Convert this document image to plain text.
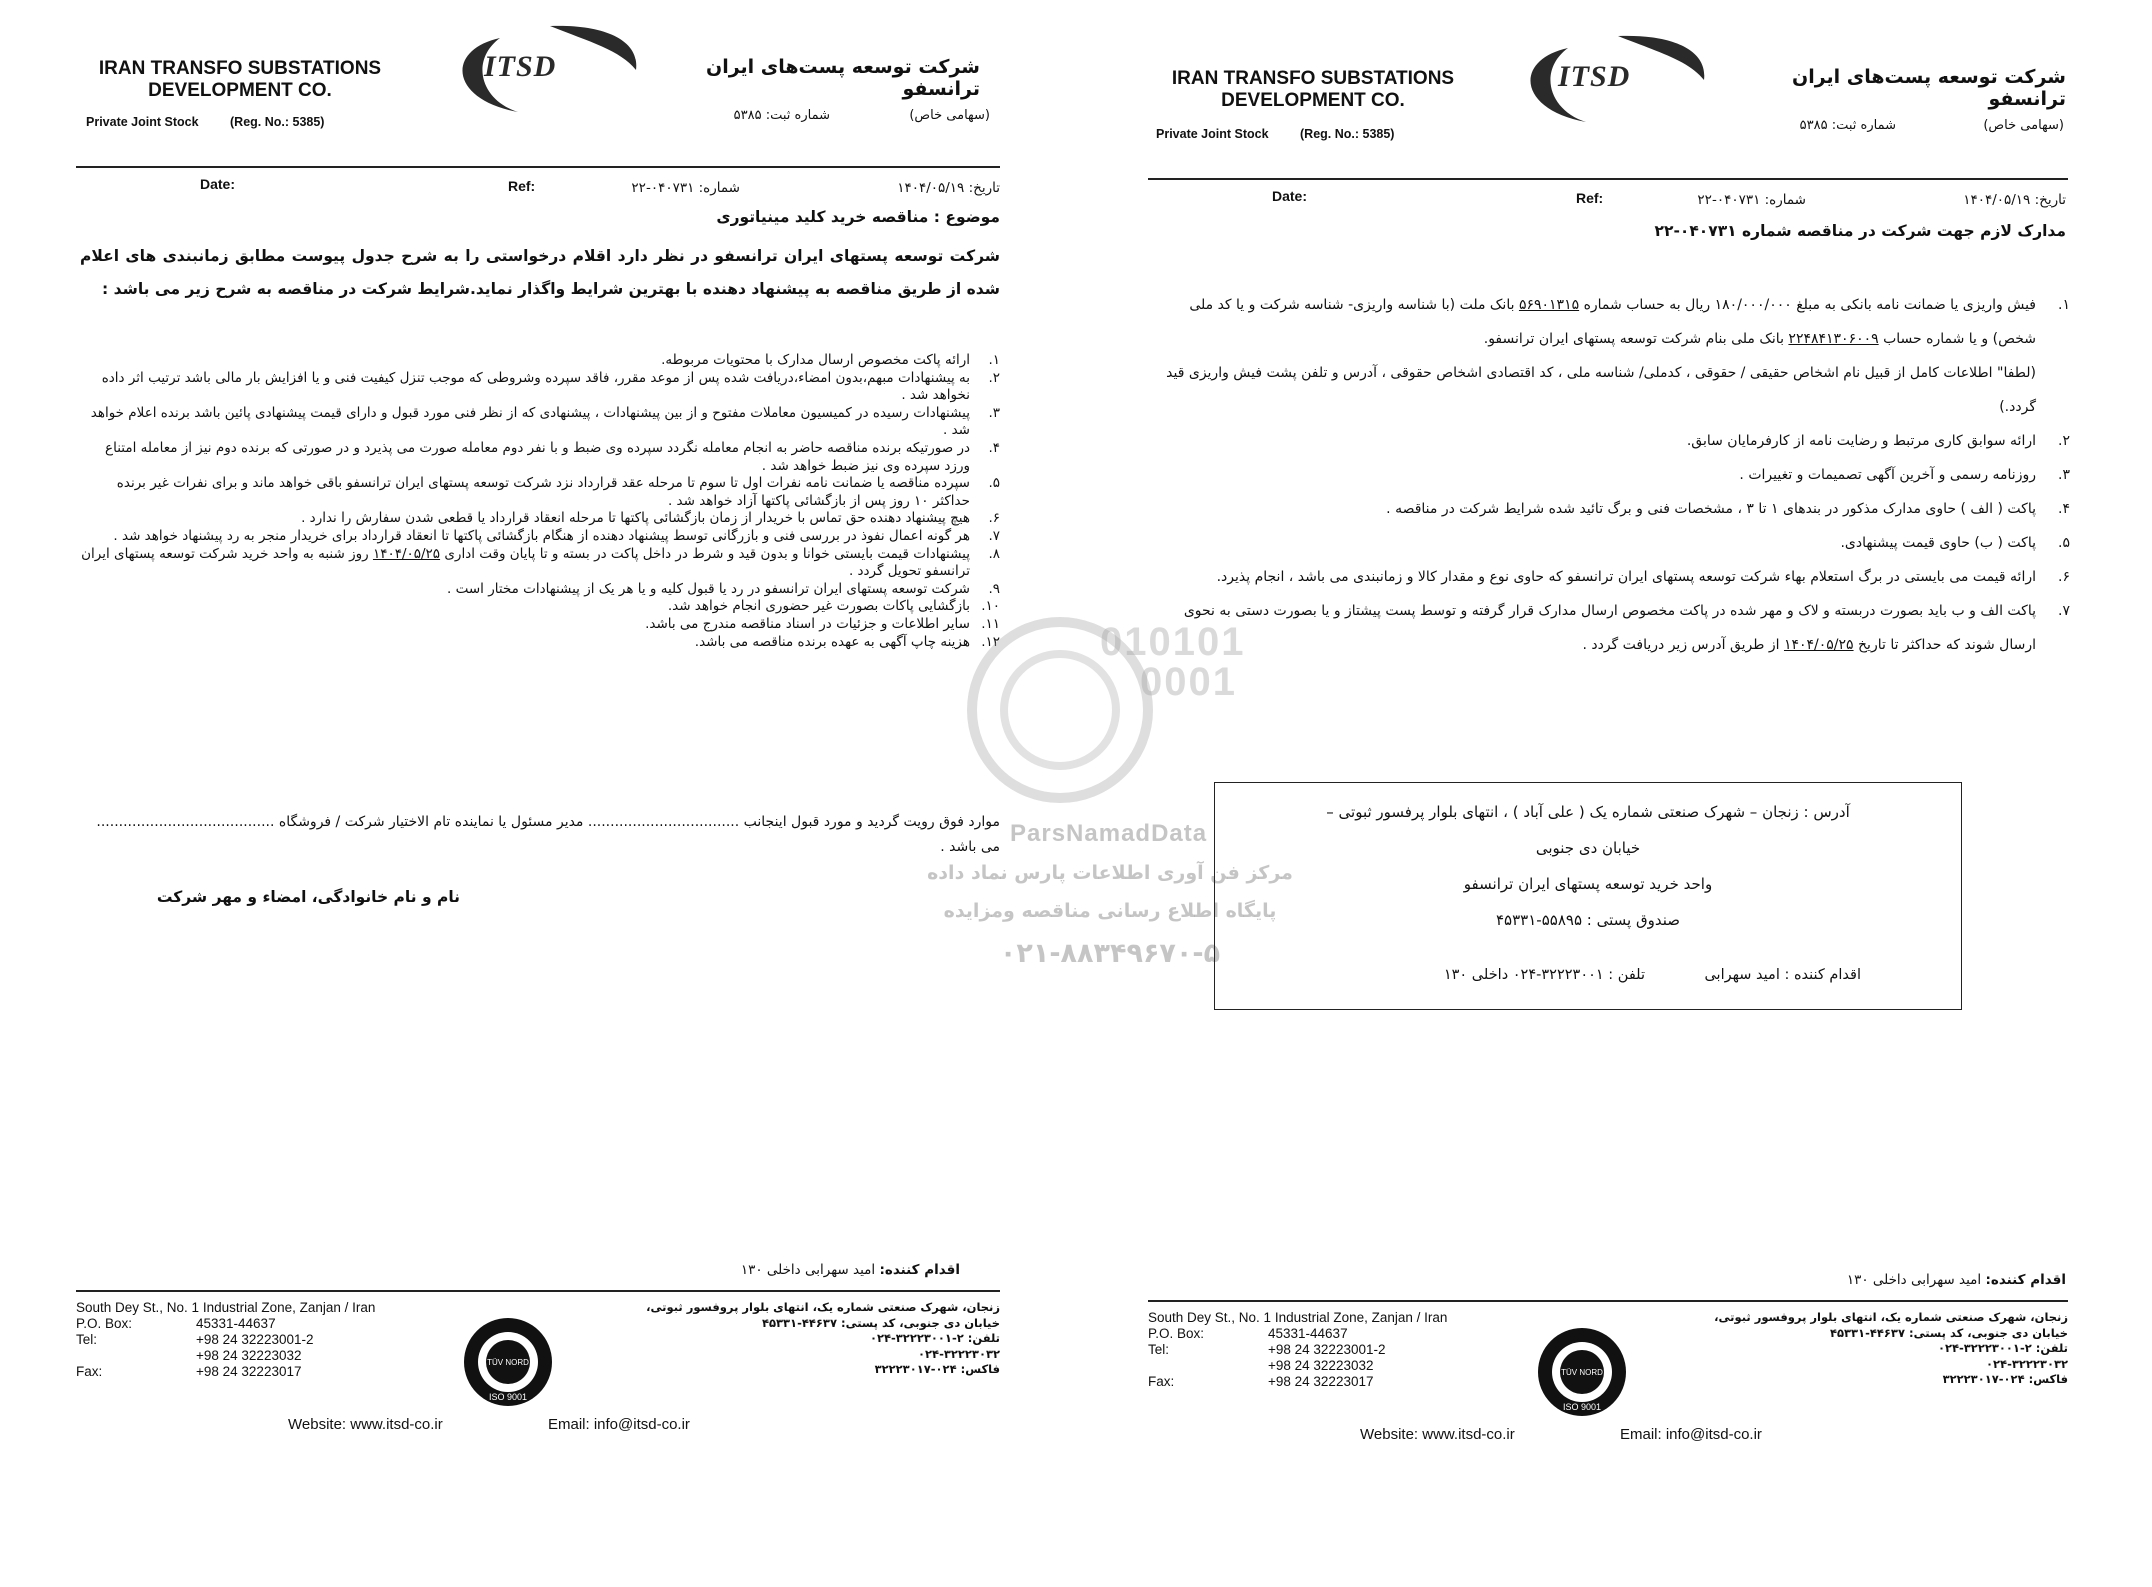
IRAN TRANSFO SUBSTATIONS
DEVELOPMENT CO.
Private Joint Stock	(Reg. No.: 5385)
ITSD	شرکت توسعه پست‌های ایران ترانسفو
(سهامی خاص)
شماره ثبت: ۵۳۸۵
Date:	Ref:	شماره: ۰۴۰۷۳۱-۲۲	تاریخ: ۱۴۰۴/۰۵/۱۹
موضوع : مناقصه خرید کلید مینیاتوری
شرکت توسعه پستهای ایران ترانسفو در نظر دارد اقلام درخواستی را به شرح جدول پیوست مطابق زمانبندی های اعلام شده از طریق مناقصه به پیشنهاد دهنده با بهترین شرایط واگذار نماید.شرایط شرکت در مناقصه به شرح زیر می باشد :
۱.
ارائه پاکت مخصوص ارسال مدارک با محتویات مربوطه.
۲.
به پیشنهادات مبهم،بدون امضاء،دریافت شده پس از موعد مقرر، فاقد سپرده وشروطی که موجب تنزل کیفیت فنی و یا افزایش بار مالی باشد ترتیب اثر داده نخواهد شد .
۳.
پیشنهادات رسیده در کمیسیون معاملات مفتوح و از بین پیشنهادات ، پیشنهادی که از نظر فنی مورد قبول و دارای قیمت پیشنهادی پائین باشد برنده اعلام خواهد شد .
۴.
در صورتیکه برنده مناقصه حاضر به انجام معامله نگردد سپرده وی ضبط و با نفر دوم معامله صورت می پذیرد و در صورتی که برنده دوم نیز از معامله امتناع ورزد سپرده وی نیز ضبط خواهد شد .
۵.
سپرده مناقصه یا ضمانت نامه نفرات اول تا سوم تا مرحله عقد قرارداد نزد شرکت توسعه پستهای ایران ترانسفو باقی خواهد ماند و برای نفرات غیر برنده حداکثر ۱۰ روز پس از بازگشائی پاکتها آزاد خواهد شد .
۶.
هیچ پیشنهاد دهنده حق تماس با خریدار از زمان بازگشائی پاکتها تا مرحله انعقاد قرارداد یا قطعی شدن سفارش را ندارد .
۷.
هر گونه اعمال نفوذ در بررسی فنی و بازرگانی توسط پیشنهاد دهنده از هنگام بازگشائی پاکتها تا انعقاد قرارداد برای خریدار منجر به رد پیشنهاد خواهد شد .
۸.
پیشنهادات قیمت بایستی خوانا و بدون قید و شرط در داخل پاکت در بسته و تا پایان وقت اداری ۱۴۰۴/۰۵/۲۵ روز شنبه به واحد خرید شرکت توسعه پستهای ایران ترانسفو تحویل گردد .
۹.
شرکت توسعه پستهای ایران ترانسفو در رد یا قبول کلیه و یا هر یک از پیشنهادات مختار است .
۱۰.
بازگشایی پاکات بصورت غیر حضوری انجام خواهد شد.
۱۱.
سایر اطلاعات و جزئیات در اسناد مناقصه مندرج می باشد.
۱۲.
هزینه چاپ آگهی به عهده برنده مناقصه می باشد.
موارد فوق رویت گردید و مورد قبول اینجانب .................................. مدیر مسئول یا نماینده تام الاختیار شرکت / فروشگاه ........................................ می باشد .
نام و نام خانوادگی، امضاء و مهر شرکت
اقدام کننده: امید سهرابی داخلی ۱۳۰
South Dey St., No. 1 Industrial Zone, Zanjan / Iran
P.O. Box:	45331-44637
Tel:	+98 24 32223001-2
+98 24 32223032
Fax:	+98 24 32223017
TÜV NORD
ISO 9001
زنجان، شهرک صنعتی شماره یک، انتهای بلوار پروفسور ثبوتی،
خیابان دی جنوبی، کد پستی: ۴۴۶۳۷-۴۵۳۳۱
تلفن: ۲-۳۲۲۲۳۰۰۱-۰۲۴
۰۲۴-۳۲۲۲۳۰۳۲
فاکس: ۰۲۴-۳۲۲۲۳۰۱۷
Website: www.itsd-co.ir	Email: info@itsd-co.ir
010101
0001
ParsNamadData
مرکز فن آوری اطلاعات پارس نماد داده
پایگاه اطلاع رسانی مناقصه ومزایده
۰۲۱-۸۸۳۴۹۶۷۰-۵
IRAN TRANSFO SUBSTATIONS
DEVELOPMENT CO.
Private Joint Stock	(Reg. No.: 5385)
ITSD	شرکت توسعه پست‌های ایران ترانسفو
(سهامی خاص)
شماره ثبت: ۵۳۸۵
Date:	Ref:	شماره: ۰۴۰۷۳۱-۲۲	تاریخ: ۱۴۰۴/۰۵/۱۹
مدارک لازم جهت شرکت در مناقصه شماره ۰۴۰۷۳۱-۲۲
۱.
فیش واریزی یا ضمانت نامه بانکی به مبلغ ۱۸۰/۰۰۰/۰۰۰ ریال به حساب شماره ۵۶۹۰۱۳۱۵ بانک ملت (با شناسه واریزی- شناسه شرکت و یا کد ملی شخص) و یا شماره حساب ۲۲۴۸۴۱۳۰۶۰۰۹ بانک ملی بنام شرکت توسعه پستهای ایران ترانسفو.
(لطفا" اطلاعات کامل از قبیل نام اشخاص حقیقی / حقوقی ، کدملی/ شناسه ملی ، کد اقتصادی اشخاص حقوقی ، آدرس و تلفن پشت فیش واریزی قید گردد.)
۲.
ارائه سوابق کاری مرتبط و رضایت نامه از کارفرمایان سابق.
۳.
روزنامه رسمی و آخرین آگهی تصمیمات و تغییرات .
۴.
پاکت ( الف ) حاوی مدارک مذکور در بندهای ۱ تا ۳ ، مشخصات فنی و برگ تائید شده شرایط شرکت در مناقصه .
۵.
پاکت ( ب) حاوی قیمت پیشنهادی.
۶.
ارائه قیمت می بایستی در برگ استعلام بهاء شرکت توسعه پستهای ایران ترانسفو که حاوی نوع و مقدار کالا و زمانبندی می باشد ، انجام پذیرد.
۷.
پاکت الف و ب باید بصورت دربسته و لاک و مهر شده در پاکت مخصوص ارسال مدارک قرار گرفته و توسط پست پیشتاز و یا بصورت دستی به نحوی ارسال شوند که حداکثر تا تاریخ ۱۴۰۴/۰۵/۲۵ از طریق آدرس زیر دریافت گردد .
آدرس : زنجان – شهرک صنعتی شماره یک ( علی آباد ) ، انتهای بلوار پرفسور ثبوتی –
خیابان دی جنوبی
واحد خرید توسعه پستهای ایران ترانسفو
صندوق پستی : ۵۵۸۹۵-۴۵۳۳۱
اقدام کننده : امید سهرابی
تلفن : ۳۲۲۲۳۰۰۱-۰۲۴ داخلی ۱۳۰
اقدام کننده: امید سهرابی داخلی ۱۳۰
South Dey St., No. 1 Industrial Zone, Zanjan / Iran
P.O. Box:	45331-44637
Tel:	+98 24 32223001-2
+98 24 32223032
Fax:	+98 24 32223017
TÜV NORD
ISO 9001
زنجان، شهرک صنعتی شماره یک، انتهای بلوار پروفسور ثبوتی،
خیابان دی جنوبی، کد پستی: ۴۴۶۳۷-۴۵۳۳۱
تلفن: ۲-۳۲۲۲۳۰۰۱-۰۲۴
۰۲۴-۳۲۲۲۳۰۳۲
فاکس: ۰۲۴-۳۲۲۲۳۰۱۷
Website: www.itsd-co.ir	Email: info@itsd-co.ir
